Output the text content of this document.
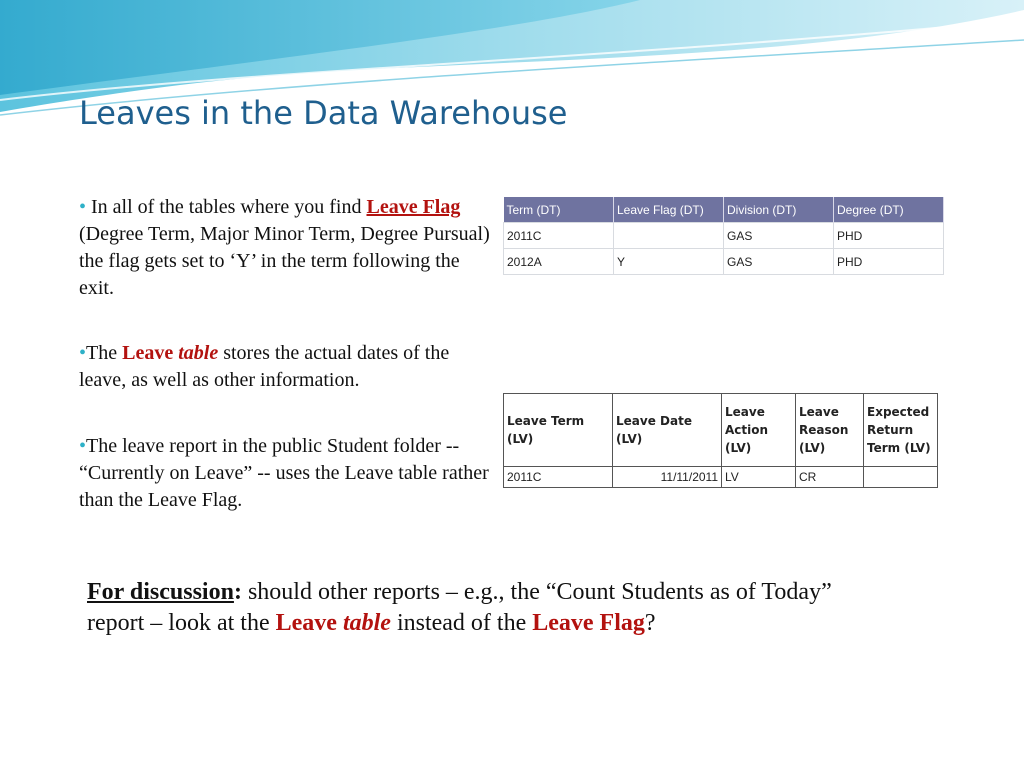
Leaves in the Data Warehouse
• In all of the tables where you find Leave Flag (Degree Term, Major Minor Term, Degree Pursual) the flag gets set to ‘Y’ in the term following the exit.
•The Leave table stores the actual dates of the leave, as well as other information.
•The leave report in the public Student folder -- “Currently on Leave” -- uses the Leave table rather than the Leave Flag.
Term (DT)	Leave Flag (DT)	Division (DT)	Degree (DT)
2011C		GAS	PHD
2012A	Y	GAS	PHD
Leave Term (LV)	Leave Date (LV)	Leave Action (LV)	Leave Reason (LV)	Expected Return Term (LV)
2011C	11/11/2011	LV	CR	
For discussion: should other reports – e.g., the “Count Students as of Today” report – look at the Leave table instead of the Leave Flag?
